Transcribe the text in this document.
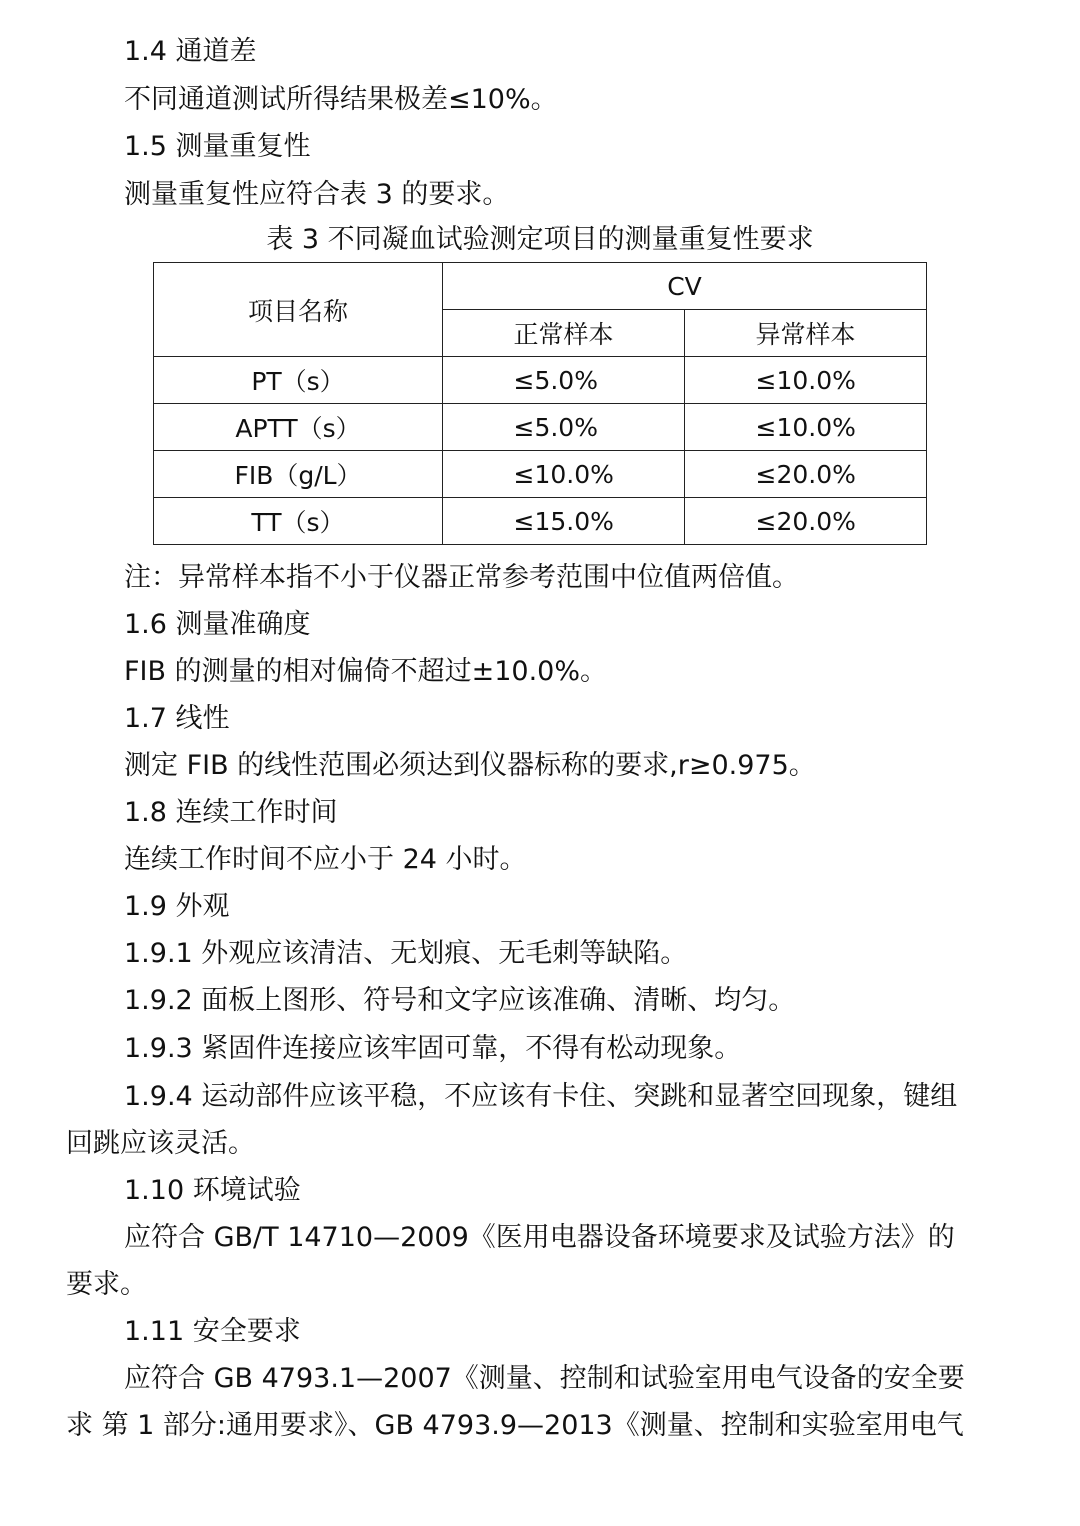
1.4 通道差
不同通道测试所得结果极差≤10%。
1.5 测量重复性
测量重复性应符合表 3 的要求。
表 3 不同凝血试验测定项目的测量重复性要求
项目名称	CV	
	正常样本	异常样本
PT（s）	≤5.0%	≤10.0%
APTT（s）	≤5.0%	≤10.0%
FIB（g/L）	≤10.0%	≤20.0%
TT（s）	≤15.0%	≤20.0%
注：异常样本指不小于仪器正常参考范围中位值两倍值。
1.6 测量准确度
FIB 的测量的相对偏倚不超过±10.0%。
1.7 线性
测定 FIB 的线性范围必须达到仪器标称的要求,r≥0.975。
1.8 连续工作时间
连续工作时间不应小于 24 小时。
1.9 外观
1.9.1 外观应该清洁、无划痕、无毛刺等缺陷。
1.9.2 面板上图形、符号和文字应该准确、清晰、均匀。
1.9.3 紧固件连接应该牢固可靠，不得有松动现象。
1.9.4 运动部件应该平稳，不应该有卡住、突跳和显著空回现象，键组
回跳应该灵活。
1.10 环境试验
应符合 GB/T 14710—2009《医用电器设备环境要求及试验方法》的
要求。
1.11 安全要求
应符合 GB 4793.1—2007《测量、控制和试验室用电气设备的安全要
求 第 1 部分:通用要求》、GB 4793.9—2013《测量、控制和实验室用电气
